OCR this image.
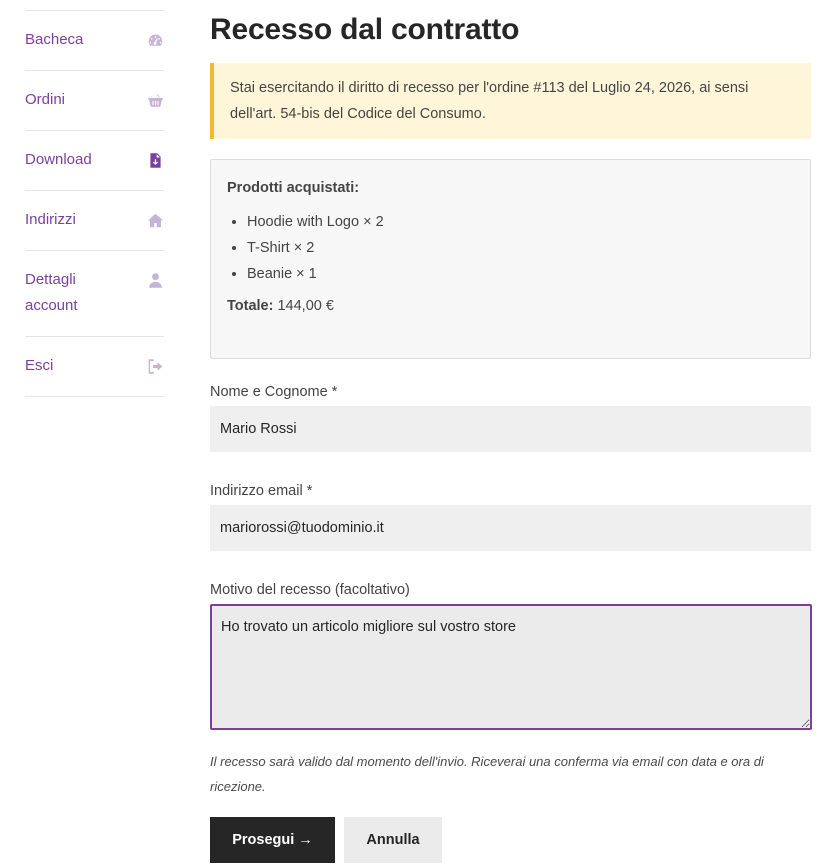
Bacheca
Ordini
Download
Indirizzi
Dettagli account
Esci
Recesso dal contratto
Stai esercitando il diritto di recesso per l'ordine #113 del Luglio 24, 2026, ai sensi dell'art. 54-bis del Codice del Consumo.
Prodotti acquistati:
• Hoodie with Logo × 2
• T-Shirt × 2
• Beanie × 1
Totale: 144,00 €
Nome e Cognome *
Mario Rossi
Indirizzo email *
mariorossi@tuodominio.it
Motivo del recesso (facoltativo)
Ho trovato un articolo migliore sul vostro store

Il recesso sarà valido dal momento dell'invio. Riceverai una conferma via email con data e ora di ricezione.

Prosegui →	Annulla
